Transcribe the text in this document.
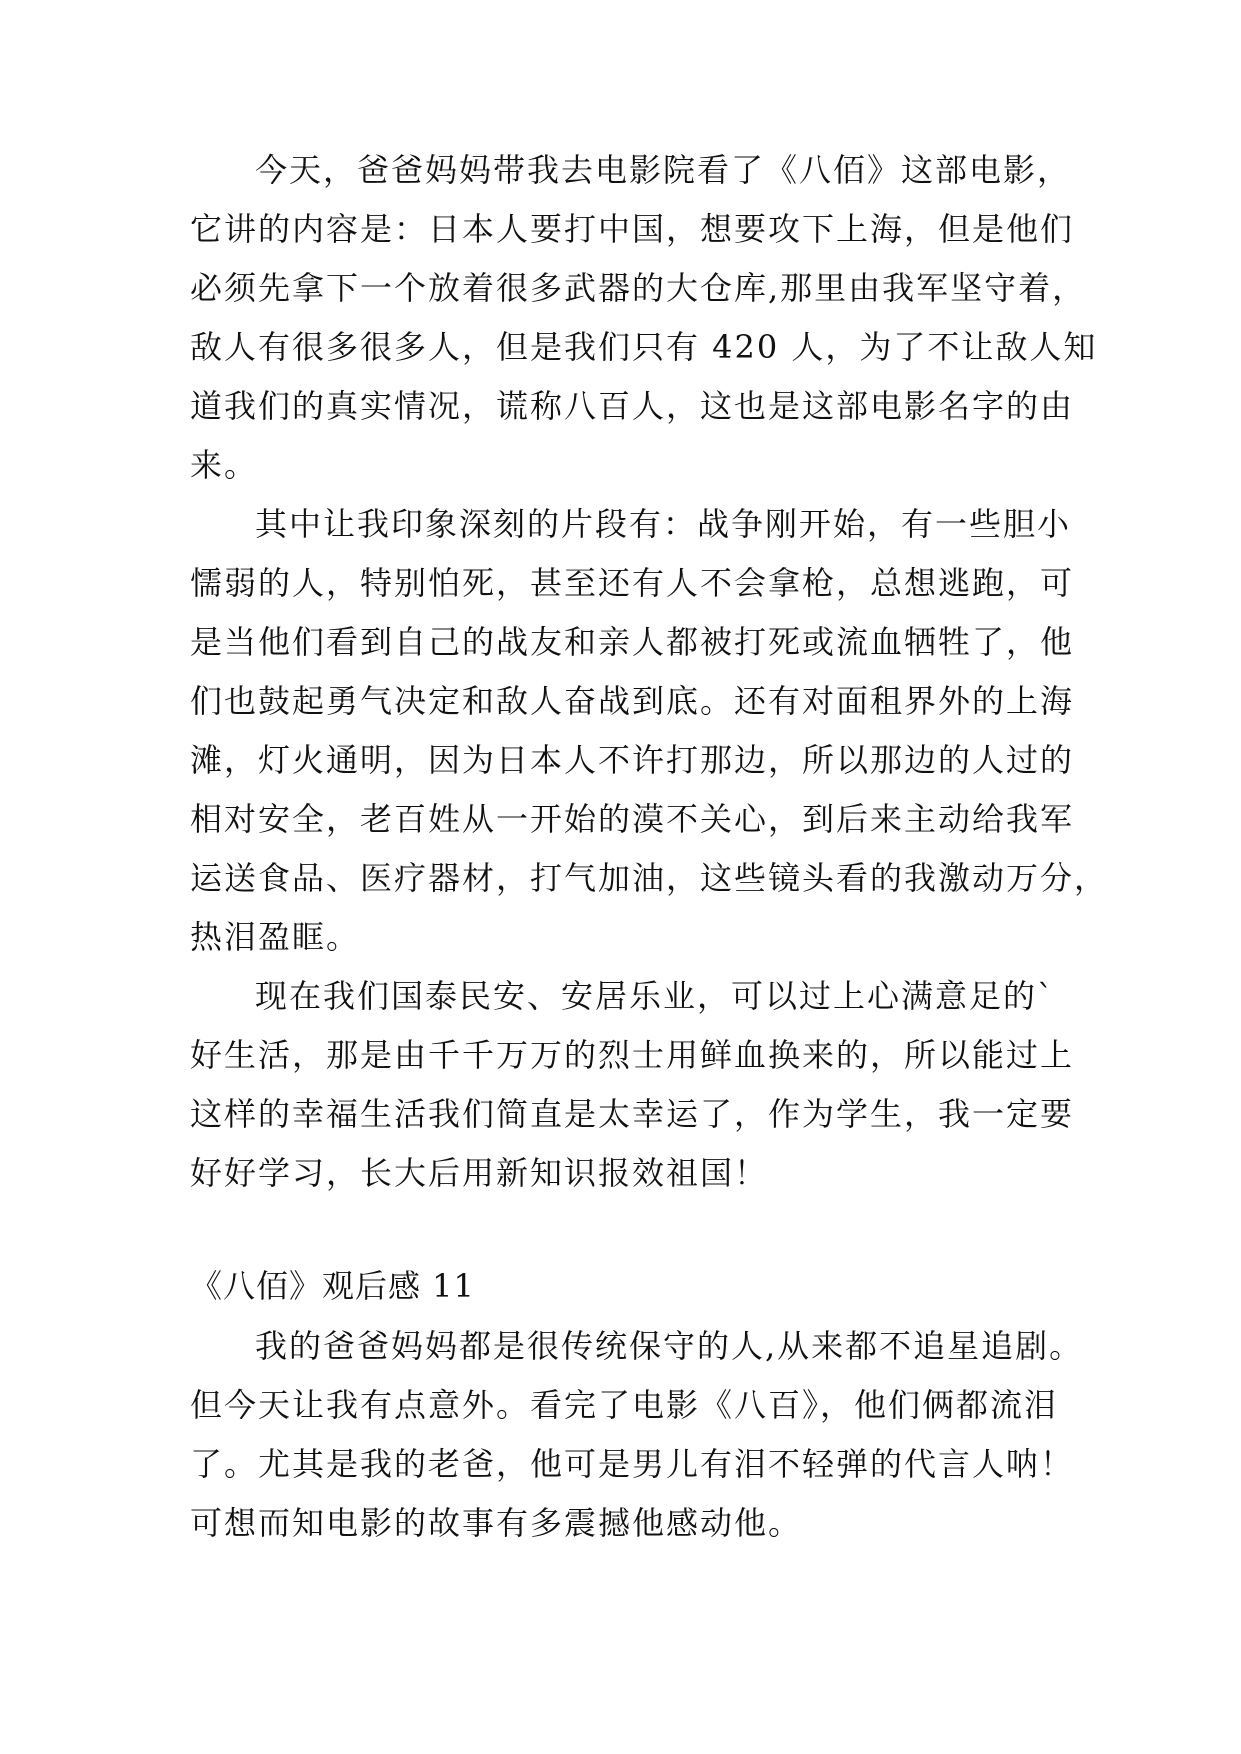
今天，爸爸妈妈带我去电影院看了《八佰》这部电影，
它讲的内容是：日本人要打中国，想要攻下上海，但是他们
必须先拿下一个放着很多武器的大仓库,那里由我军坚守着，
敌人有很多很多人，但是我们只有 420 人，为了不让敌人知
道我们的真实情况，谎称八百人，这也是这部电影名字的由
来。
其中让我印象深刻的片段有：战争刚开始，有一些胆小
懦弱的人，特别怕死，甚至还有人不会拿枪，总想逃跑，可
是当他们看到自己的战友和亲人都被打死或流血牺牲了，他
们也鼓起勇气决定和敌人奋战到底。还有对面租界外的上海
滩，灯火通明，因为日本人不许打那边，所以那边的人过的
相对安全，老百姓从一开始的漠不关心，到后来主动给我军
运送食品、医疗器材，打气加油，这些镜头看的我激动万分，
热泪盈眶。
现在我们国泰民安、安居乐业，可以过上心满意足的`
好生活，那是由千千万万的烈士用鲜血换来的，所以能过上
这样的幸福生活我们简直是太幸运了，作为学生，我一定要
好好学习，长大后用新知识报效祖国！
《八佰》观后感 11
我的爸爸妈妈都是很传统保守的人,从来都不追星追剧。
但今天让我有点意外。看完了电影《八百》，他们俩都流泪
了。尤其是我的老爸，他可是男儿有泪不轻弹的代言人呐！
可想而知电影的故事有多震撼他感动他。
